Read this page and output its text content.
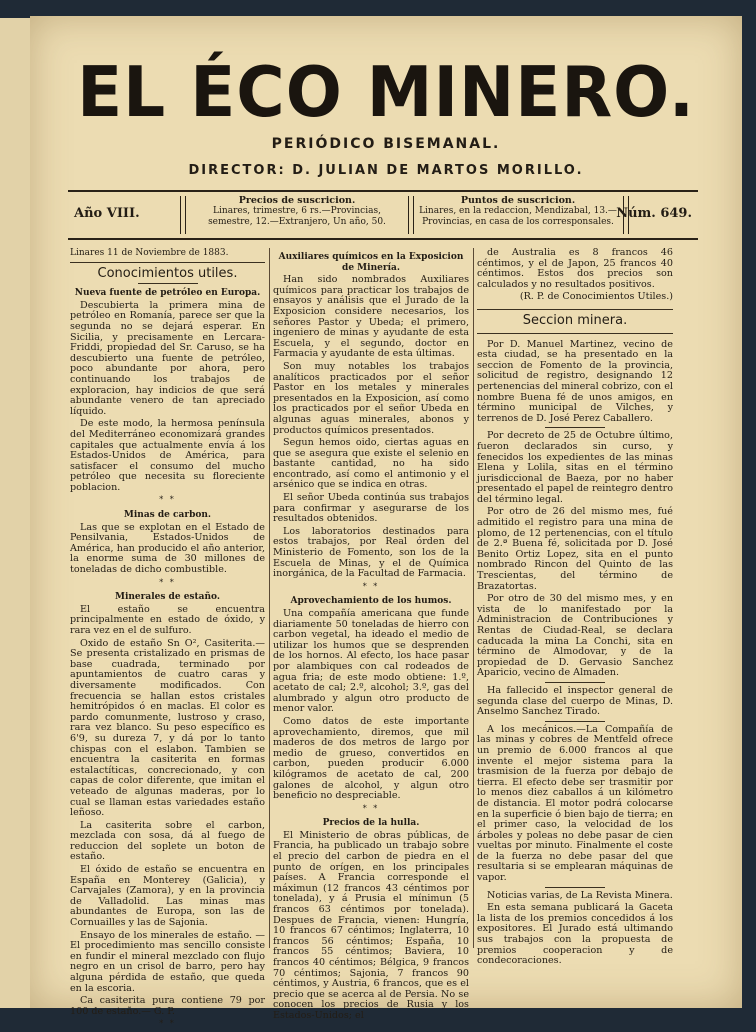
EL ÉCO MINERO.
PERIÓDICO BISEMANAL.
DIRECTOR: D. JULIAN DE MARTOS MORILLO.
Año VIII.
Precios de suscricion.
Linares, trimestre, 6 rs.—Provincias, semestre, 12.—Extranjero, Un año, 50.
Puntos de suscricion.
Linares, en la redaccion, Mendizabal, 13.—Provincias, en casa de los corresponsales.
Núm. 649.
Linares 11 de Noviembre de 1883.
Conocimientos utiles.
Nueva fuente de petróleo en Europa.

Descubierta la primera mina de petróleo en Romanía, parece ser que la segunda no se dejará esperar. En Sicilia, y precisamente en Lercara-Friddi, propiedad del Sr. Caruso, se ha descubierto una fuente de petróleo, poco abundante por ahora, pero continuando los trabajos de exploracion, hay indicios de que será abundante venero de tan apreciado líquido.

De este modo, la hermosa península del Mediterráneo economizará grandes capitales que actualmente envía á los Estados-Unidos de América, para satisfacer el consumo del mucho petróleo que necesita su floreciente poblacion.

* *
Minas de carbon.

Las que se explotan en el Estado de Pensilvania, Estados-Unidos de América, han producido el año anterior, la enorme suma de 30 millones de toneladas de dicho combustible.

* *
Minerales de estaño.

El estaño se encuentra principalmente en estado de óxido, y rara vez en el de sulfuro.

Oxido de estaño Sn O², Casiterita.—Se presenta cristalizado en prismas de base cuadrada, terminado por apuntamientos de cuatro caras y diversamente modificados. Con frecuencia se hallan estos cristales hemitrópidos ó en maclas. El color es pardo comunmente, lustroso y craso, rara vez blanco. Su peso específico es 6'9, su dureza 7, y dá por lo tanto chispas con el eslabon. Tambien se encuentra la casiterita en formas estalactíticas, concrecionado, y con capas de color diferente, que imitan el veteado de algunas maderas, por lo cual se llaman estas variedades estaño leñoso.

La casiterita sobre el carbon, mezclada con sosa, dá al fuego de reduccion del soplete un boton de estaño.

El óxido de estaño se encuentra en España en Monterey (Galicia), y Carvajales (Zamora), y en la provincia de Valladolid. Las minas mas abundantes de Europa, son las de Cornuailles y las de Sajonia.

Ensayo de los minerales de estaño. —El procedimiento mas sencillo consiste en fundir el mineral mezclado con flujo negro en un crisol de barro, pero hay alguna pérdida de estaño, que queda en la escoria.

Ca casiterita pura contiene 79 por 100 de estaño.— G. P.

* *
Auxiliares químicos en la Exposicion de Minería.

Han sido nombrados Auxiliares químicos para practicar los trabajos de ensayos y análisis que el Jurado de la Exposicion considere necesarios, los señores Pastor y Ubeda; el primero, ingeniero de minas y ayudante de esta Escuela, y el segundo, doctor en Farmacia y ayudante de esta últimas.

Son muy notables los trabajos analíticos practicados por el señor Pastor en los metales y minerales presentados en la Exposicion, así como los practicados por el señor Ubeda en algunas aguas minerales, abonos y productos químicos presentados.

Segun hemos oido, ciertas aguas en que se asegura que existe el selenio en bastante cantidad, no ha sido encontrado, así como el antimonio y el arsénico que se indica en otras.

El señor Ubeda continúa sus trabajos para confirmar y asegurarse de los resultados obtenidos.

Los laboratorios destinados para estos trabajos, por Real órden del Ministerio de Fomento, son los de la Escuela de Minas, y el de Química inorgánica, de la Facultad de Farmacia.

* *
Aprovechamiento de los humos.

Una compañía americana que funde diariamente 50 toneladas de hierro con carbon vegetal, ha ideado el medio de utilizar los humos que se desprenden de los hornos. Al efecto, los hace pasar por alambiques con cal rodeados de agua fria; de este modo obtiene: 1.º, acetato de cal; 2.º, alcohol; 3.º, gas del alumbrado y algun otro producto de menor valor.

Como datos de este importante aprovechamiento, diremos, que mil maderos de dos metros de largo por medio de grueso, convertidos en carbon, pueden producir 6.000 kilógramos de acetato de cal, 200 galones de alcohol, y algun otro beneficio no despreciable.

* *
Precios de la hulla.

El Ministerio de obras públicas, de Francia, ha publicado un trabajo sobre el precio del carbon de piedra en el punto de orígen, en los principales países. A Francia corresponde el máximun (12 francos 43 céntimos por tonelada), y á Prusia el mínimun (5 francos 63 céntimos por tonelada). Despues de Francia, vienen: Hungría, 10 francos 67 céntimos; Inglaterra, 10 francos 56 céntimos; España, 10 francos 55 céntimos; Baviera, 10 francos 40 céntimos; Bélgica, 9 francos 70 céntimos; Sajonia, 7 francos 90 céntimos, y Austria, 6 francos, que es el precio que se acerca al de Persia. No se conocen los precios de Rusia y los Estados-Unidos; el

de Australia es 8 francos 46 céntimos, y el de Japon, 25 francos 40 céntimos. Estos dos precios son calculados y no resultados positivos.

(R. P. de Conocimientos Utiles.)

Seccion minera.

Por D. Manuel Martinez, vecino de esta ciudad, se ha presentado en la seccion de Fomento de la provincia, solicitud de registro, designando 12 pertenencias del mineral cobrizo, con el nombre Buena fé de unos amigos, en término municipal de Vilches, y terrenos de D. José Perez Caballero.

Por decreto de 25 de Octubre último, fueron declarados sin curso, y fenecidos los expedientes de las minas Elena y Lolila, sitas en el término jurisdiccional de Baeza, por no haber presentado el papel de reintegro dentro del término legal.

Por otro de 26 del mismo mes, fué admitido el registro para una mina de plomo, de 12 pertenencias, con el título de 2.ª Buena fé, solicitada por D. José Benito Ortiz Lopez, sita en el punto nombrado Rincon del Quinto de las Trescientas, del término de Brazatortas.

Por otro de 30 del mismo mes, y en vista de lo manifestado por la Administracion de Contribuciones y Rentas de Ciudad-Real, se declara caducada la mina La Conchi, sita en término de Almodovar, y de la propiedad de D. Gervasio Sanchez Aparicio, vecino de Almaden.

Ha fallecido el inspector general de segunda clase del cuerpo de Minas, D. Anselmo Sanchez Tirado.

A los mecánicos.—La Compañía de las minas y cobres de Mentfeld ofrece un premio de 6.000 francos al que invente el mejor sistema para la trasmision de la fuerza por debajo de tierra. El efecto debe ser trasmitir por lo menos diez caballos á un kilómetro de distancia. El motor podrá colocarse en la superficie ó bien bajo de tierra; en el primer caso, la velocidad de los árboles y poleas no debe pasar de cien vueltas por minuto. Finalmente el coste de la fuerza no debe pasar del que resultaria si se emplearan máquinas de vapor.

Noticias varias, de La Revista Minera.

En esta semana publicará la Gaceta la lista de los premios concedidos á los expositores. El Jurado está ultimando sus trabajos con la propuesta de premios cooperacion y de condecoraciones.
